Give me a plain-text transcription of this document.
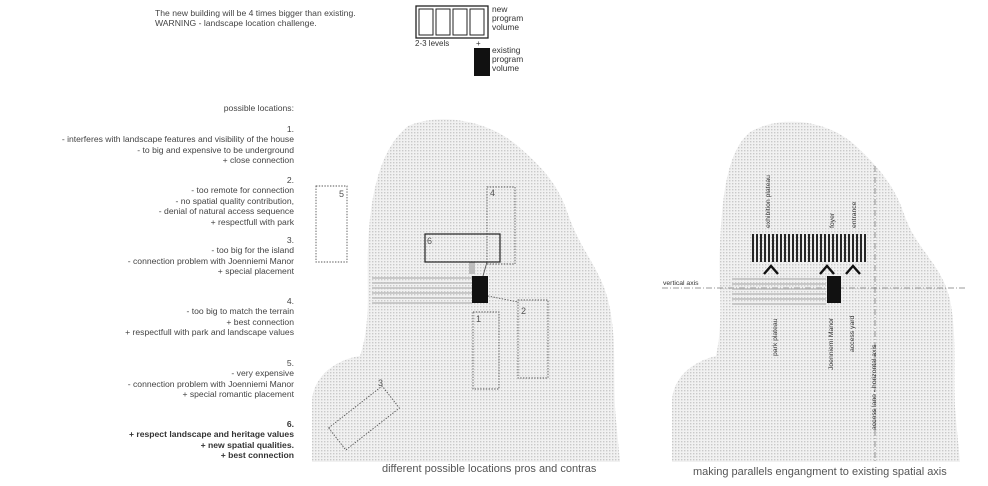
The new building will be 4 times bigger than existing.
WARNING - landscape location challenge.
new
program
volume
2-3 levels	+
existing
program
volume
possible locations:
1.
- interferes with landscape features and visibility of the house
- to big and expensive to be underground
+ close connection
2.
- too remote for connection
- no spatial quality contribution,
- denial of natural access sequence
+ respectfull with park
3.
- too big for the island
- connection problem with Joenniemi Manor
+ special placement
4.
- too big to match the terrain
+ best connection
+ respectfull with park and landscape values
5.
- very expensive
- connection problem with Joenniemi Manor
+ special romantic placement
6.
+ respect landscape and heritage values
+ new spatial qualities.
+ best connection
5	4
6
1
2
3
different possible locations pros and contras
vertical axis
exhibition plateau	foyer entrance
park plateau	Joenniemi Manor access yard
access lane - horizontal axis
making parallels engangment to existing spatial axis
